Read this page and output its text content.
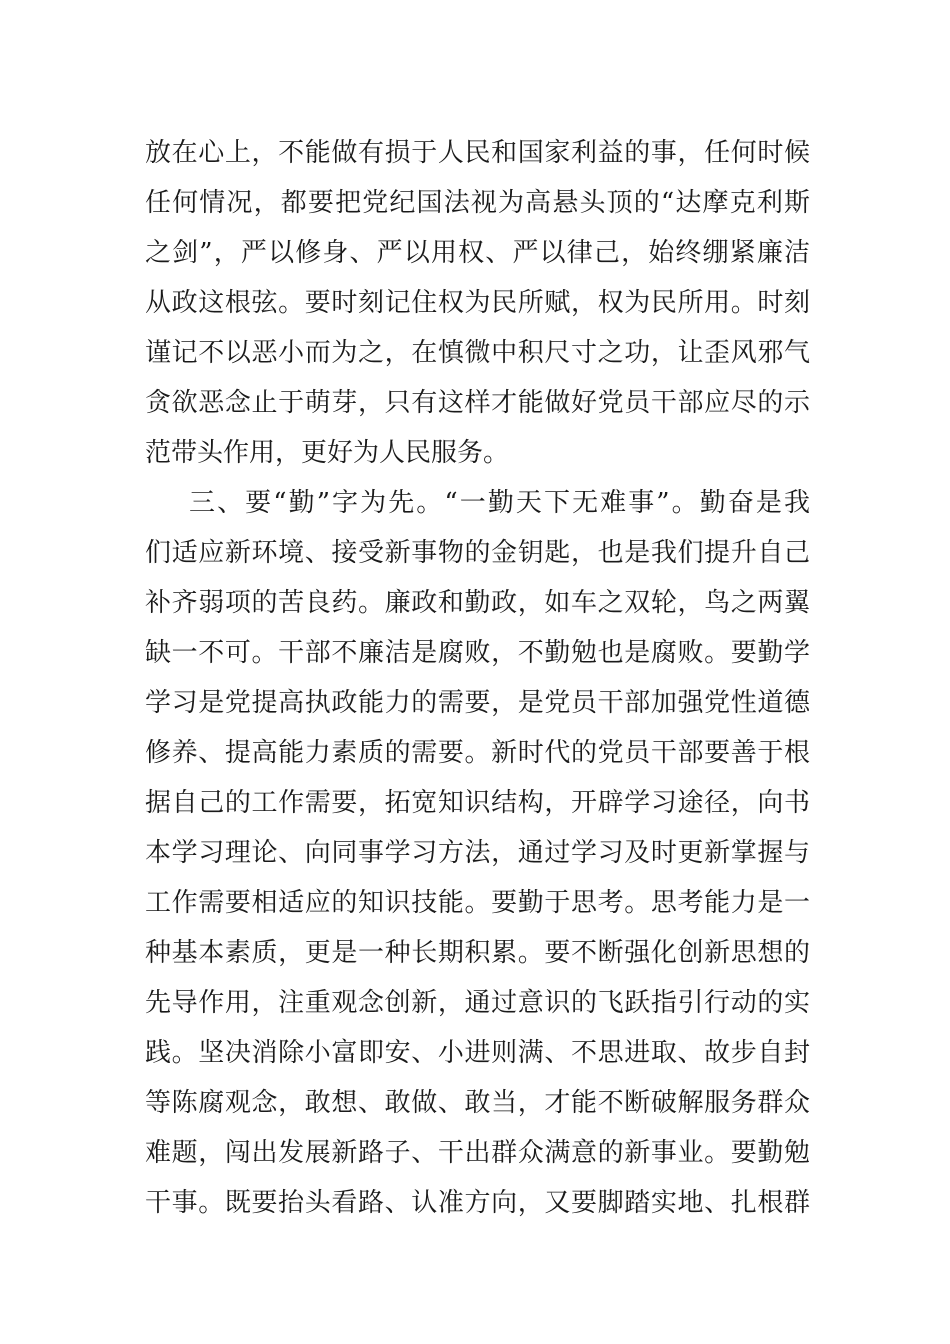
放在心上，不能做有损于人民和国家利益的事，任何时候
任何情况，都要把党纪国法视为高悬头顶的“达摩克利斯
之剑”，严以修身、严以用权、严以律己，始终绷紧廉洁
从政这根弦。要时刻记住权为民所赋，权为民所用。时刻
谨记不以恶小而为之，在慎微中积尺寸之功，让歪风邪气
贪欲恶念止于萌芽，只有这样才能做好党员干部应尽的示
范带头作用，更好为人民服务。
三、要“勤”字为先。“一勤天下无难事”。勤奋是我
们适应新环境、接受新事物的金钥匙，也是我们提升自己
补齐弱项的苦良药。廉政和勤政，如车之双轮，鸟之两翼
缺一不可。干部不廉洁是腐败，不勤勉也是腐败。要勤学
学习是党提高执政能力的需要，是党员干部加强党性道德
修养、提高能力素质的需要。新时代的党员干部要善于根
据自己的工作需要，拓宽知识结构，开辟学习途径，向书
本学习理论、向同事学习方法，通过学习及时更新掌握与
工作需要相适应的知识技能。要勤于思考。思考能力是一
种基本素质，更是一种长期积累。要不断强化创新思想的
先导作用，注重观念创新，通过意识的飞跃指引行动的实
践。坚决消除小富即安、小进则满、不思进取、故步自封
等陈腐观念，敢想、敢做、敢当，才能不断破解服务群众
难题，闯出发展新路子、干出群众满意的新事业。要勤勉
干事。既要抬头看路、认准方向，又要脚踏实地、扎根群
